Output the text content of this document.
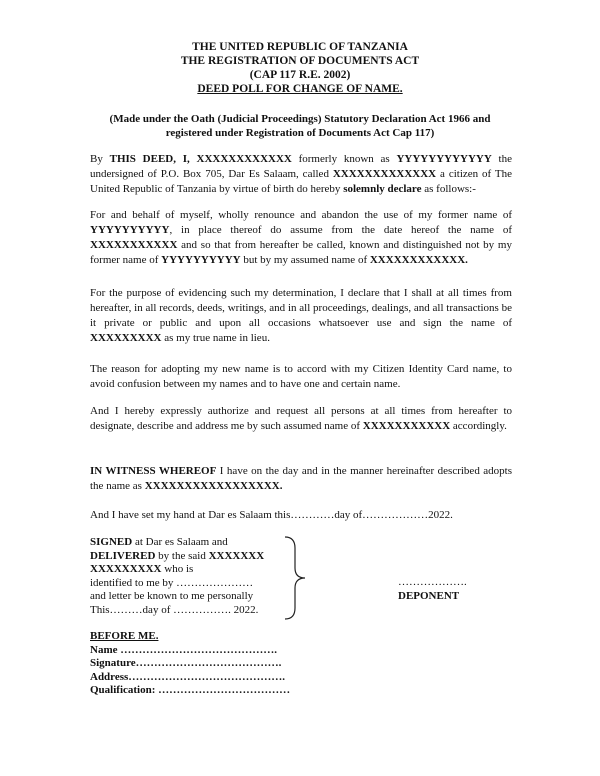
THE UNITED REPUBLIC OF TANZANIA
THE REGISTRATION OF DOCUMENTS ACT
(CAP 117 R.E. 2002)
DEED POLL FOR CHANGE OF NAME.
(Made under the Oath (Judicial Proceedings) Statutory Declaration Act 1966 and registered under Registration of Documents Act Cap 117)
By THIS DEED, I, XXXXXXXXXXXX formerly known as YYYYYYYYYYYY the undersigned of P.O. Box 705, Dar Es Salaam, called XXXXXXXXXXXXX a citizen of The United Republic of Tanzania by virtue of birth do hereby solemnly declare as follows:-
For and behalf of myself, wholly renounce and abandon the use of my former name of YYYYYYYYYY, in place thereof do assume from the date hereof the name of XXXXXXXXXXX and so that from hereafter be called, known and distinguished not by my former name of YYYYYYYYYY but by my assumed name of XXXXXXXXXXXX.
For the purpose of evidencing such my determination, I declare that I shall at all times from hereafter, in all records, deeds, writings, and in all proceedings, dealings, and all transactions be it private or public and upon all occasions whatsoever use and sign the name of XXXXXXXXX as my true name in lieu.
The reason for adopting my new name is to accord with my Citizen Identity Card name, to avoid confusion between my names and to have one and certain name.
And I hereby expressly authorize and request all persons at all times from hereafter to designate, describe and address me by such assumed name of XXXXXXXXXXX accordingly.
IN WITNESS WHEREOF I have on the day and in the manner hereinafter described adopts the name as XXXXXXXXXXXXXXXXX.
And I have set my hand at Dar es Salaam this…………day of………………2022.
SIGNED at Dar es Salaam and
DELIVERED by the said XXXXXXX
XXXXXXXXX who is
identified to me by …………………
and letter be known to me personally
This………day of ……………. 2022.
……………….
DEPONENT
BEFORE ME.
Name …………………………………….
Signature………………………………….
Address…………………………………….
Qualification: ………………………………
